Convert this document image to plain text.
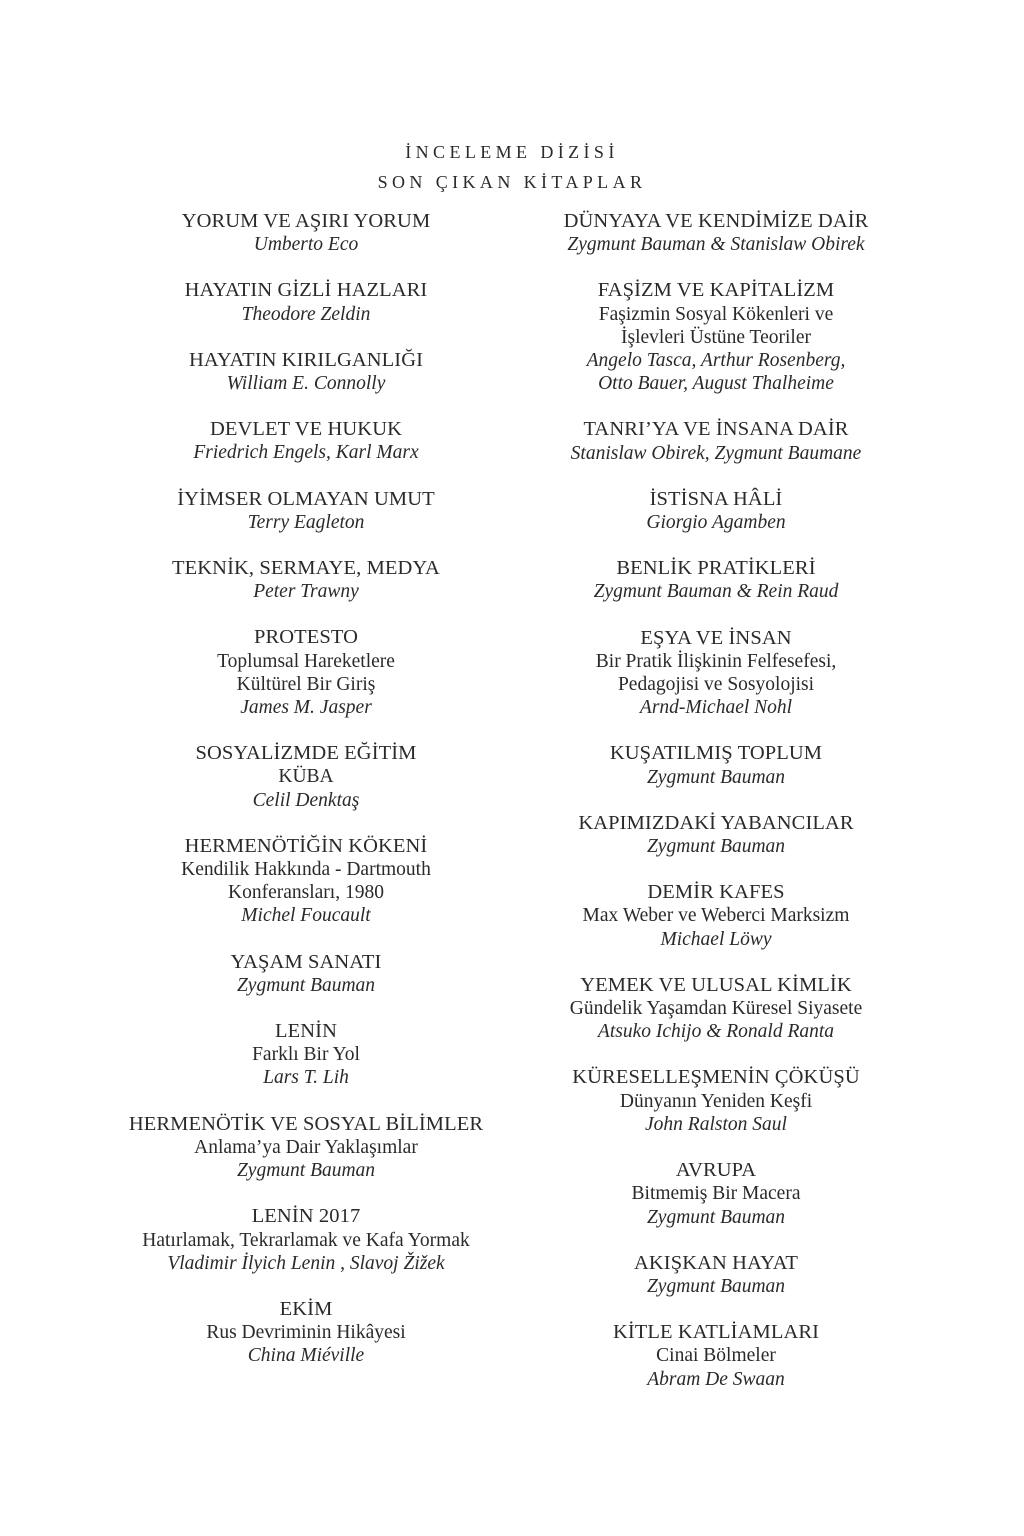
İNCELEME DİZİSİ
SON ÇIKAN KİTAPLAR
YORUM VE AŞIRI YORUM
Umberto Eco
HAYATIN GİZLİ HAZLARI
Theodore Zeldin
HAYATIN KIRILGANLIĞI
William E. Connolly
DEVLET VE HUKUK
Friedrich Engels, Karl Marx
İYİMSER OLMAYAN UMUT
Terry Eagleton
TEKNİK, SERMAYE, MEDYA
Peter Trawny
PROTESTO
Toplumsal Hareketlere
Kültürel Bir Giriş
James M. Jasper
SOSYALİZMDE EĞİTİM
KÜBA
Celil Denktaş
HERMENÖTİĞİN KÖKENİ
Kendilik Hakkında - Dartmouth
Konferansları, 1980
Michel Foucault
YAŞAM SANATI
Zygmunt Bauman
LENİN
Farklı Bir Yol
Lars T. Lih
HERMENÖTİK VE SOSYAL BİLİMLER
Anlama’ya Dair Yaklaşımlar
Zygmunt Bauman
LENİN 2017
Hatırlamak, Tekrarlamak ve Kafa Yormak
Vladimir İlyich Lenin , Slavoj Žižek
EKİM
Rus Devriminin Hikâyesi
China Miéville
DÜNYAYA VE KENDİMİZE DAİR
Zygmunt Bauman & Stanislaw Obirek
FAŞİZM VE KAPİTALİZM
Faşizmin Sosyal Kökenleri ve
İşlevleri Üstüne Teoriler
Angelo Tasca, Arthur Rosenberg,
Otto Bauer, August Thalheime
TANRI’YA VE İNSANA DAİR
Stanislaw Obirek, Zygmunt Baumane
İSTİSNA HÂLİ
Giorgio Agamben
BENLİK PRATİKLERİ
Zygmunt Bauman & Rein Raud
EŞYA VE İNSAN
Bir Pratik İlişkinin Felfesefesi,
Pedagojisi ve Sosyolojisi
Arnd-Michael Nohl
KUŞATILMIŞ TOPLUM
Zygmunt Bauman
KAPIMIZDAKİ YABANCILAR
Zygmunt Bauman
DEMİR KAFES
Max Weber ve Weberci Marksizm
Michael Löwy
YEMEK VE ULUSAL KİMLİK
Gündelik Yaşamdan Küresel Siyasete
Atsuko Ichijo & Ronald Ranta
KÜRESELLEŞMENİN ÇÖKÜŞÜ
Dünyanın Yeniden Keşfi
John Ralston Saul
AVRUPA
Bitmemiş Bir Macera
Zygmunt Bauman
AKIŞKAN HAYAT
Zygmunt Bauman
KİTLE KATLİAMLARI
Cinai Bölmeler
Abram De Swaan
